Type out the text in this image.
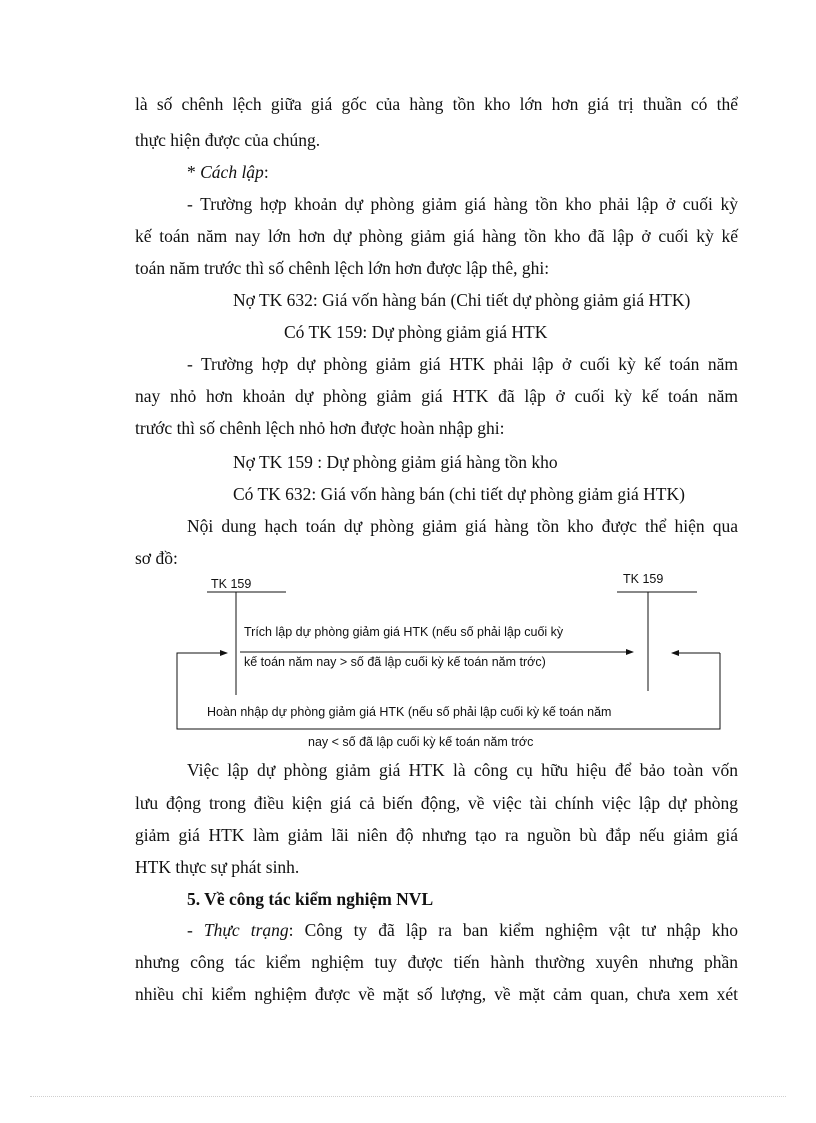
là số chênh lệch giữa giá gốc của hàng tồn kho lớn hơn giá trị thuần có thể
thực hiện được của chúng.
* Cách lập:
- Trường hợp khoản dự phòng giảm giá hàng tồn kho phải lập ở cuối kỳ
kế toán năm nay lớn hơn dự phòng giảm giá hàng tồn kho đã lập ở cuối kỳ kế
toán năm trước thì số chênh lệch lớn hơn được lập thê, ghi:
Nợ TK 632: Giá vốn hàng bán (Chi tiết dự phòng giảm giá HTK)
Có TK 159: Dự phòng giảm giá HTK
- Trường hợp dự phòng giảm giá HTK phải lập ở cuối kỳ kế toán năm
nay nhỏ hơn khoản dự phòng giảm giá HTK đã lập ở cuối kỳ kế toán năm
trước thì số chênh lệch nhỏ hơn được hoàn nhập ghi:
Nợ TK 159 : Dự phòng giảm giá hàng tồn kho
Có TK 632: Giá vốn hàng bán (chi tiết dự phòng giảm giá HTK)
Nội dung hạch toán dự phòng giảm giá hàng tồn kho được thể hiện qua
sơ đồ:
TK 159	TK 159
Trích lập dự phòng giảm giá HTK (nếu số phải lập cuối kỳ
kế toán năm nay > số đã lập cuối kỳ kế toán năm trớc)
Hoàn nhập dự phòng giảm giá HTK (nếu số phải lập cuối kỳ kế toán năm
nay < số đã lập cuối kỳ kế toán năm trớc
Việc lập dự phòng giảm giá HTK là công cụ hữu hiệu để bảo toàn vốn
lưu động trong điều kiện giá cả biến động, về việc tài chính việc lập dự phòng
giảm giá HTK làm giảm lãi niên độ nhưng tạo ra nguồn bù đắp nếu giảm giá
HTK thực sự phát sinh.
5. Về công tác kiểm nghiệm NVL
- Thực trạng: Công ty đã lập ra ban kiểm nghiệm vật tư nhập kho
nhưng công tác kiểm nghiệm tuy được tiến hành thường xuyên nhưng phần
nhiều chỉ kiểm nghiệm được về mặt số lượng, về mặt cảm quan, chưa xem xét
